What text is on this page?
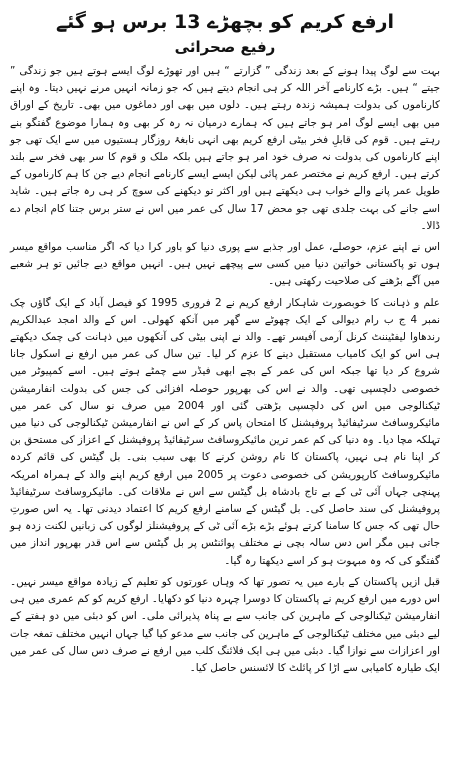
ارفع کریم کو بچھڑے 13 برس ہو گئے
رفیع صحرائی

بہت سے لوگ پیدا ہونے کے بعد زندگی ” گزارتے “ ہیں اور تھوڑے لوگ ایسے ہوتے ہیں جو زندگی ” جیتے “ ہیں۔ بڑے کارنامے آخر اللہ کر ہی انجام دیتے ہیں کہ جو زمانہ انہیں مرنے نہیں دیتا۔ وہ اپنے کارناموں کی بدولت ہمیشہ زندہ رہتے ہیں۔ دلوں میں بھی اور دماغوں میں بھی۔ تاریخ کے اوراق میں بھی ایسے لوگ امر ہو جاتے ہیں کہ ہمارے درمیان نہ رہ کر بھی وہ ہمارا موضوع گفتگو بنے رہتے ہیں۔ قوم کی قابلِ فخر بیٹی ارفع کریم بھی انہی نابغۂ روزگار ہستیوں میں سے ایک تھی جو اپنے کارناموں کی بدولت نہ صرف خود امر ہو جاتے ہیں بلکہ ملک و قوم کا سر بھی فخر سے بلند کرتے ہیں۔ ارفع کریم نے مختصر عمر پائی لیکن ایسے ایسے کارنامے انجام دیے جن کا ہم کارناموں کے طویل عمر پانے والے خواب ہی دیکھتے ہیں اور اکثر تو دیکھنے کی سوچ کر ہی رہ جاتے ہیں۔ شاید اسے جانے کی بہت جلدی تھی جو محض 17 سال کی عمر میں اس نے ستر برس جتنا کام انجام دے ڈالا۔

اس نے اپنے عزم، حوصلے، عمل اور جذبے سے پوری دنیا کو باور کرا دیا کہ اگر مناسب مواقع میسر ہوں تو پاکستانی خواتین دنیا میں کسی سے پیچھے نہیں ہیں۔ انہیں مواقع دیے جائیں تو ہر شعبے میں آگے بڑھنے کی صلاحیت رکھتی ہیں۔

علم و ذہانت کا خوبصورت شاہکار ارفع کریم نے 2 فروری 1995 کو فیصل آباد کے ایک گاؤں چک نمبر 4 ج ب رام دیوالی کے ایک چھوٹے سے گھر میں آنکھ کھولی۔ اس کے والد امجد عبدالکریم رندھاوا لیفٹیننٹ کرنل آرمی آفیسر تھے۔ والد نے اپنی بیٹی کی آنکھوں میں ذہانت کی چمک دیکھتے ہی اس کو ایک کامیاب مستقبل دینے کا عزم کر لیا۔ تین سال کی عمر میں ارفع نے اسکول جانا شروع کر دیا تھا جبکہ اس کی عمر کے بچے ابھی فیڈر سے چمٹے ہوتے ہیں۔ اسے کمپیوٹر میں خصوصی دلچسپی تھی۔ والد نے اس کی بھرپور حوصلہ افزائی کی جس کی بدولت انفارمیشن ٹیکنالوجی میں اس کی دلچسپی بڑھتی گئی اور 2004 میں صرف نو سال کی عمر میں مائیکروسافٹ سرٹیفائیڈ پروفیشنل کا امتحان پاس کر کے اس نے انفارمیشن ٹیکنالوجی کی دنیا میں تہلکہ مچا دیا۔ وہ دنیا کی کم عمر ترین مائیکروسافٹ سرٹیفائیڈ پروفیشنل کے اعزاز کی مستحق بن کر اپنا نام ہی نہیں، پاکستان کا نام روشن کرنے کا بھی سبب بنی۔ بل گیٹس کی قائم کردہ مائیکروسافٹ کارپوریشن کی خصوصی دعوت پر 2005 میں ارفع کریم اپنے والد کے ہمراہ امریکہ پہنچی جہاں آئی ٹی کے بے تاج بادشاہ بل گیٹس سے اس نے ملاقات کی۔ مائیکروسافٹ سرٹیفائیڈ پروفیشنل کی سند حاصل کی۔ بل گیٹس کے سامنے ارفع کریم کا اعتماد دیدنی تھا۔ یہ اس صورتِ حال تھی کہ جس کا سامنا کرتے ہوئے بڑے بڑے آئی ٹی کے پروفیشنلز لوگوں کی زبانیں لکنت زدہ ہو جاتی ہیں مگر اس دس سالہ بچی نے مختلف پوائنٹس پر بل گیٹس سے اس قدر بھرپور انداز میں گفتگو کی کہ وہ مبہوت ہو کر اسے دیکھتا رہ گیا۔

قبل ازیں پاکستان کے بارے میں یہ تصور تھا کہ وہاں عورتوں کو تعلیم کے زیادہ مواقع میسر نہیں۔ اس دورے میں ارفع کریم نے پاکستان کا دوسرا چہرہ دنیا کو دکھایا۔ ارفع کریم کو کم عمری میں ہی انفارمیشن ٹیکنالوجی کے ماہرین کی جانب سے بے پناہ پذیرائی ملی۔ اس کو دبئی میں دو ہفتے کے لیے دبئی میں مختلف ٹیکنالوجی کے ماہرین کی جانب سے مدعو کیا گیا جہاں انہیں مختلف تمغہ جات اور اعزازات سے نوازا گیا۔ دبئی میں ہی ایک فلائنگ کلب میں ارفع نے صرف دس سال کی عمر میں ایک طیارہ کامیابی سے اڑا کر پائلٹ کا لائسنس حاصل کیا۔
